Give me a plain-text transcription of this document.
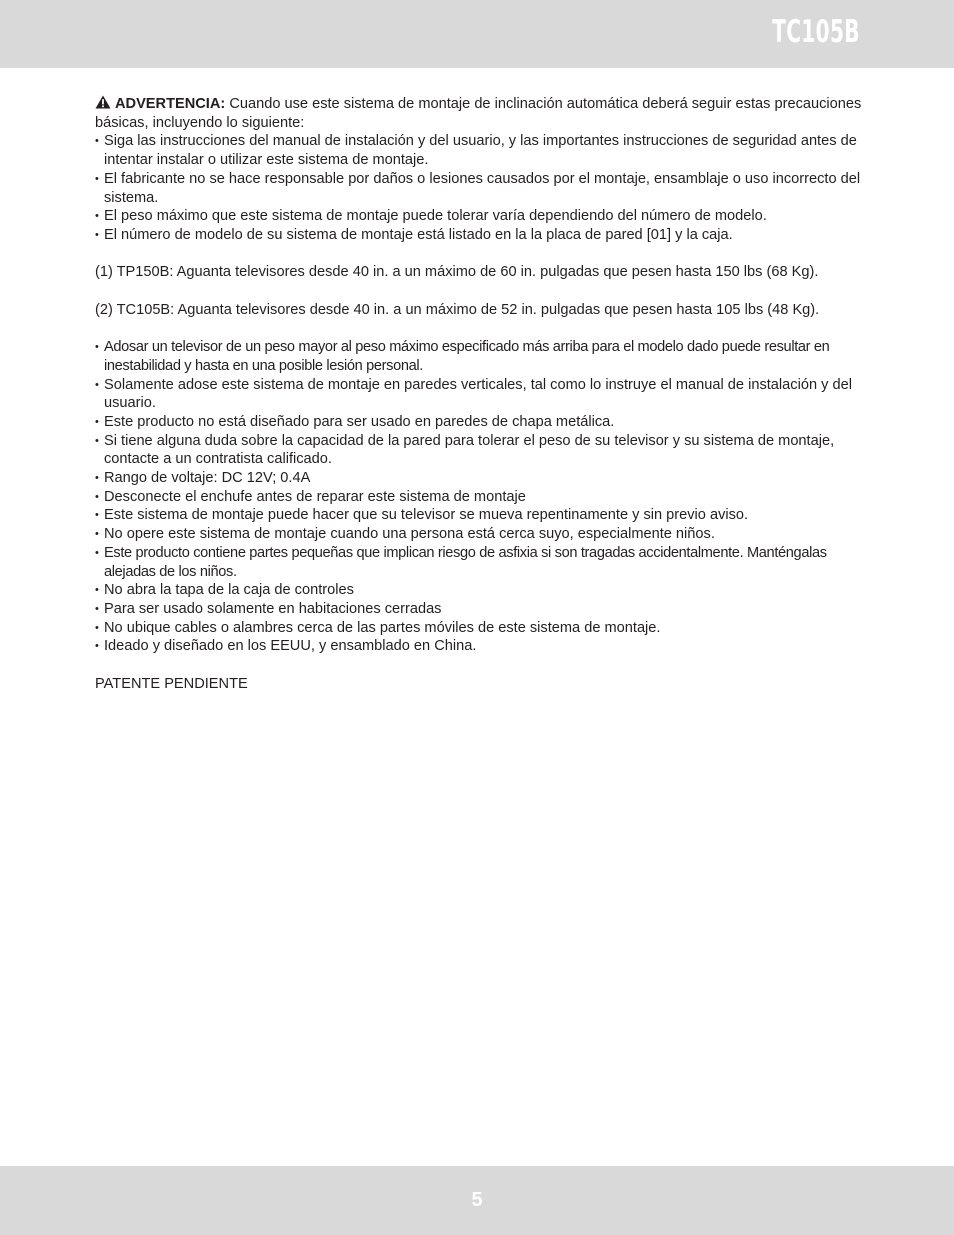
TC105B

ADVERTENCIA: Cuando use este sistema de montaje de inclinación automática deberá seguir estas precauciones básicas, incluyendo lo siguiente:

• Siga las instrucciones del manual de instalación y del usuario, y las importantes instrucciones de seguridad antes de intentar instalar o utilizar este sistema de montaje.
• El fabricante no se hace responsable por daños o lesiones causados por el montaje, ensamblaje o uso incorrecto del sistema.
• El peso máximo que este sistema de montaje puede tolerar varía dependiendo del número de modelo.
• El número de modelo de su sistema de montaje está listado en la la placa de pared [01] y la caja.

(1) TP150B: Aguanta televisores desde 40 in. a un máximo de 60 in. pulgadas que pesen hasta 150 lbs (68 Kg).

(2) TC105B: Aguanta televisores desde 40 in. a un máximo de 52 in. pulgadas que pesen hasta 105 lbs (48 Kg).

• Adosar un televisor de un peso mayor al peso máximo especificado más arriba para el modelo dado puede resultar en inestabilidad y hasta en una posible lesión personal.
• Solamente adose este sistema de montaje en paredes verticales, tal como lo instruye el manual de instalación y del usuario.
• Este producto no está diseñado para ser usado en paredes de chapa metálica.
• Si tiene alguna duda sobre la capacidad de la pared para tolerar el peso de su televisor y su sistema de montaje, contacte a un contratista calificado.
• Rango de voltaje: DC 12V; 0.4A
• Desconecte el enchufe antes de reparar este sistema de montaje
• Este sistema de montaje puede hacer que su televisor se mueva repentinamente y sin previo aviso.
• No opere este sistema de montaje cuando una persona está cerca suyo, especialmente niños.
• Este producto contiene partes pequeñas que implican riesgo de asfixia si son tragadas accidentalmente. Manténgalas alejadas de los niños.
• No abra la tapa de la caja de controles
• Para ser usado solamente en habitaciones cerradas
• No ubique cables o alambres cerca de las partes móviles de este sistema de montaje.
• Ideado y diseñado en los EEUU, y ensamblado en China.

PATENTE PENDIENTE

5
